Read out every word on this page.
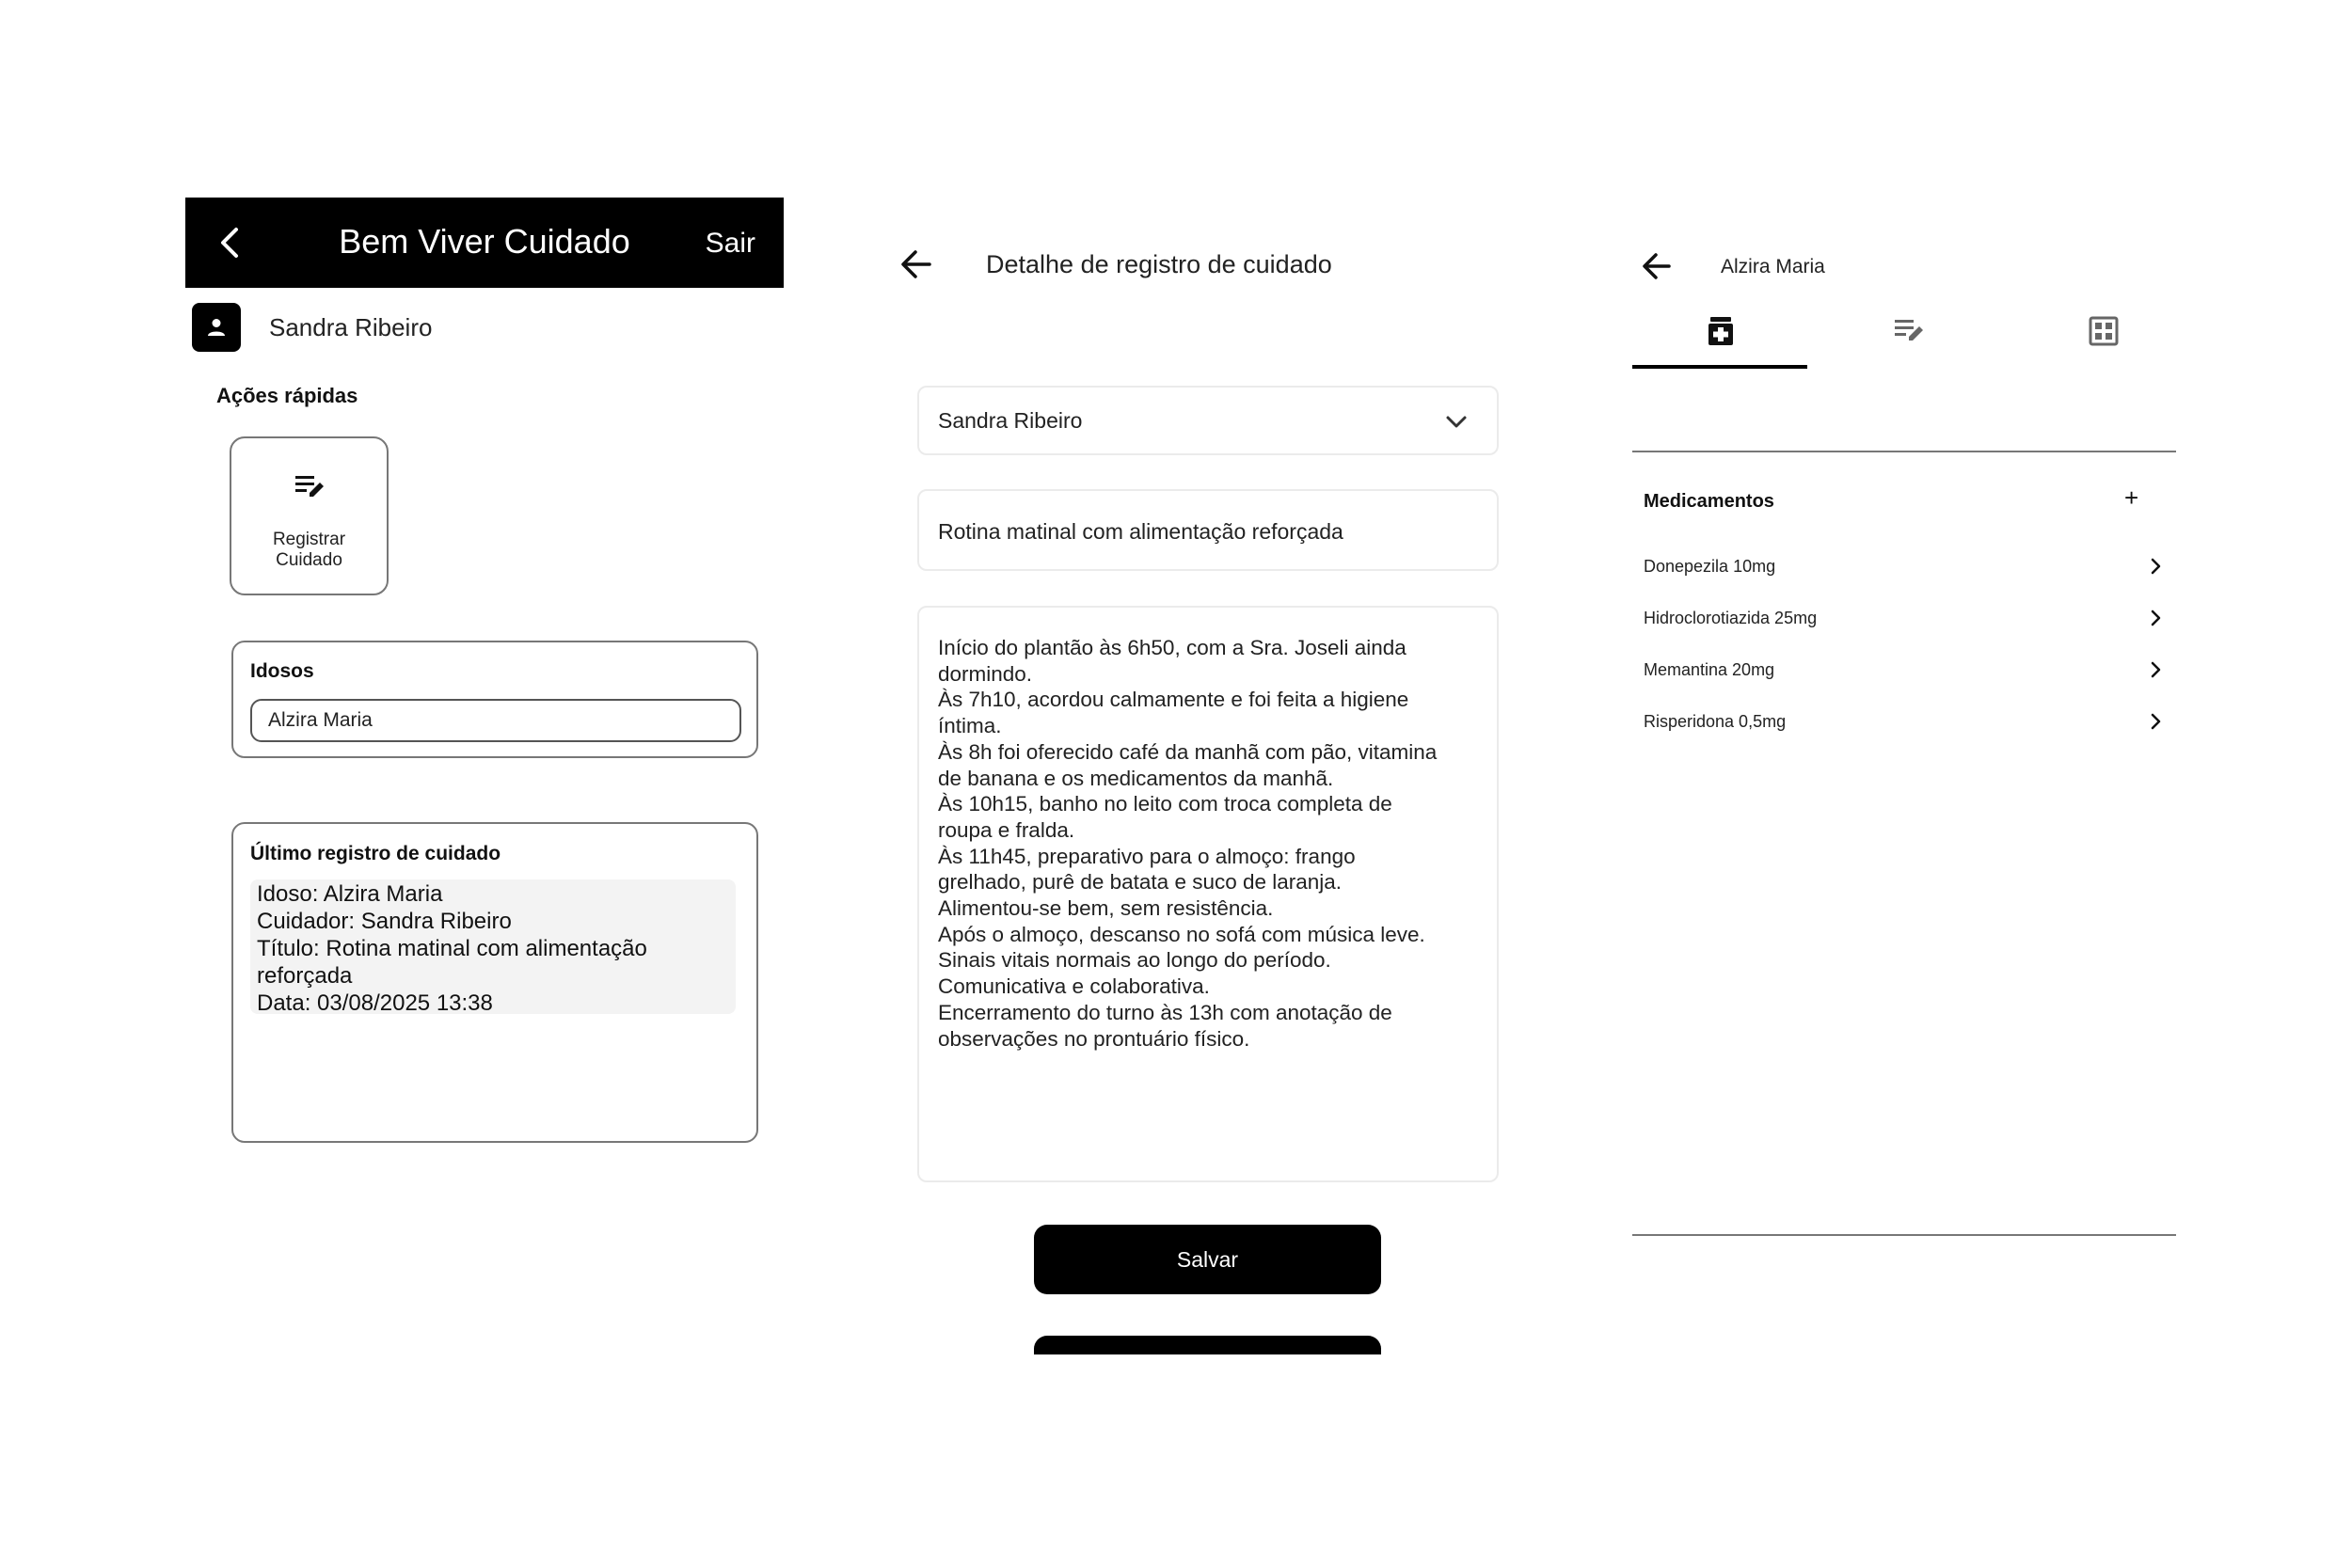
Bem Viver Cuidado	Sair
Sandra Ribeiro
Ações rápidas
Registrar
Cuidado
Idosos
Alzira Maria
Último registro de cuidado
Idoso: Alzira Maria
Cuidador: Sandra Ribeiro
Título: Rotina matinal com alimentação
reforçada
Data: 03/08/2025 13:38
Detalhe de registro de cuidado
Sandra Ribeiro
Rotina matinal com alimentação reforçada
Início do plantão às 6h50, com a Sra. Joseli ainda
dormindo.
Às 7h10, acordou calmamente e foi feita a higiene
íntima.
Às 8h foi oferecido café da manhã com pão, vitamina
de banana e os medicamentos da manhã.
Às 10h15, banho no leito com troca completa de
roupa e fralda.
Às 11h45, preparativo para o almoço: frango
grelhado, purê de batata e suco de laranja.
Alimentou-se bem, sem resistência.
Após o almoço, descanso no sofá com música leve.
Sinais vitais normais ao longo do período.
Comunicativa e colaborativa.
Encerramento do turno às 13h com anotação de
observações no prontuário físico.
Salvar
Alzira Maria
Medicamentos	+
Donepezila 10mg
Hidroclorotiazida 25mg
Memantina 20mg
Risperidona 0,5mg
